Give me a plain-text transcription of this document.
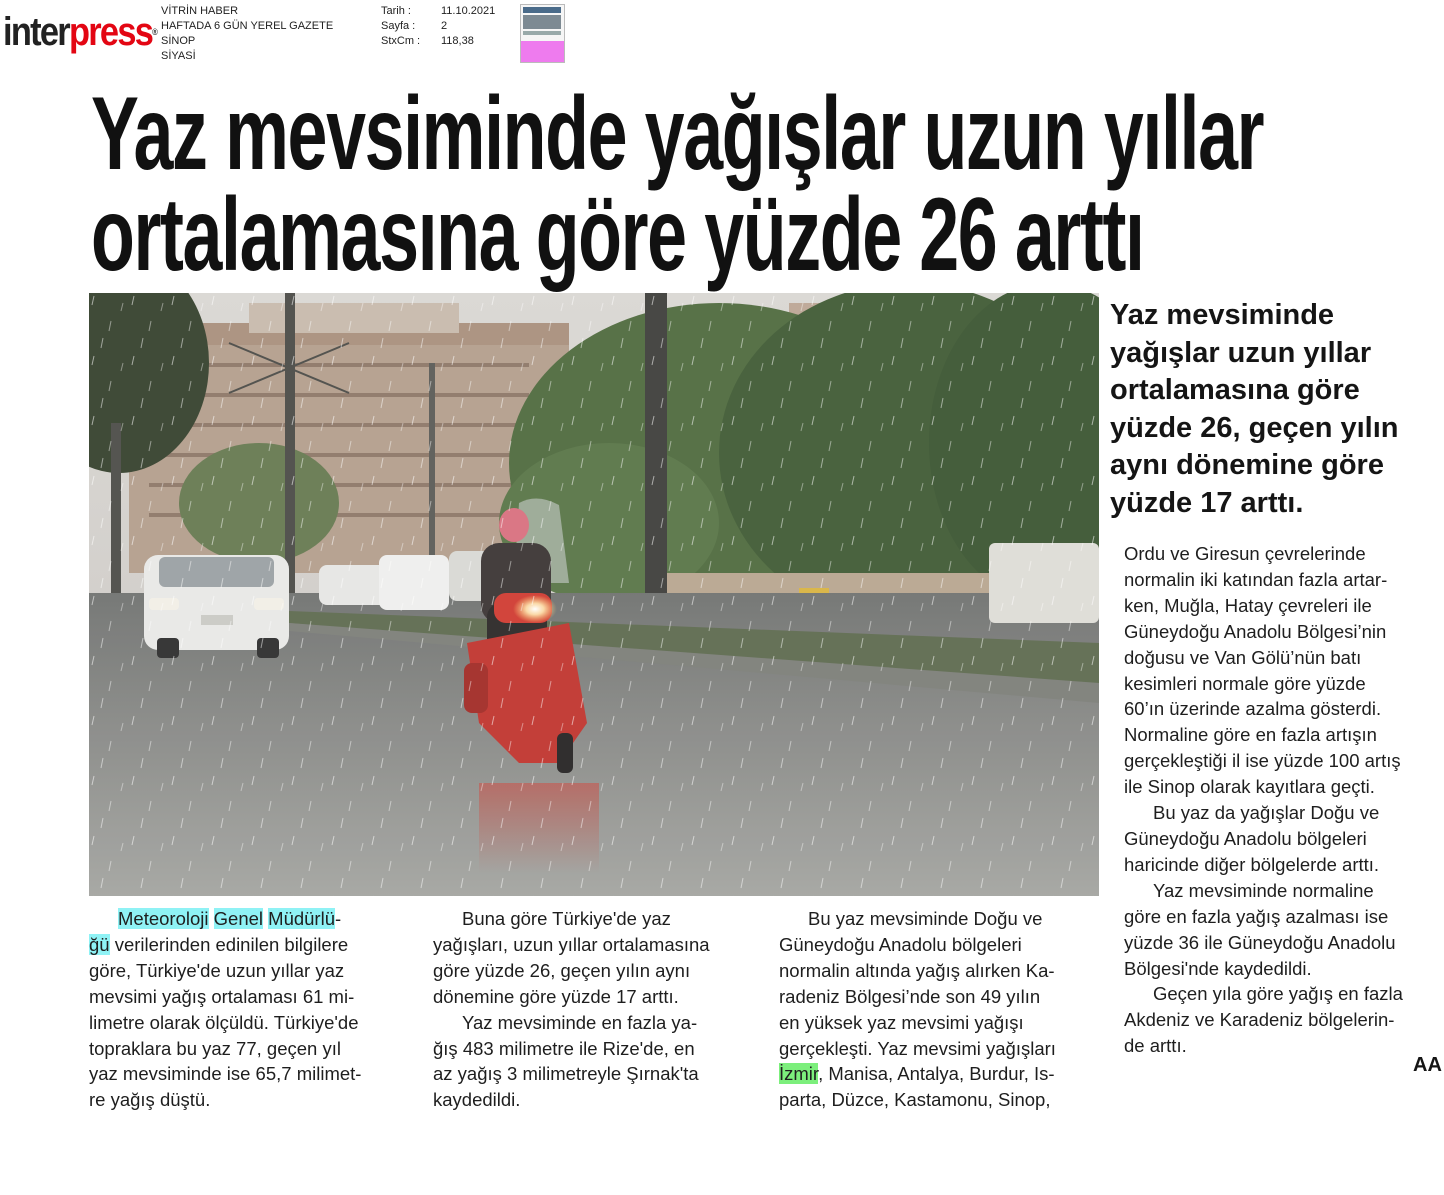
interpress®
VİTRİN HABER
HAFTADA 6 GÜN YEREL GAZETE
SİNOP
SİYASİ
Tarih :
Sayfa :
StxCm :
11.10.2021
2
118,38
Yaz mevsiminde yağışlar uzun yıllar
ortalamasına göre yüzde 26 arttı
Yaz mevsiminde
yağışlar uzun yıllar
ortalamasına göre
yüzde 26, geçen yılın
aynı dönemine göre
yüzde 17 arttı.
Meteoroloji Genel Müdürlü-
ğü verilerinden edinilen bilgilere
göre, Türkiye'de uzun yıllar yaz
mevsimi yağış ortalaması 61 mi-
limetre olarak ölçüldü. Türkiye'de
topraklara bu yaz 77, geçen yıl
yaz mevsiminde ise 65,7 milimet-
re yağış düştü.
Buna göre Türkiye'de yaz
yağışları, uzun yıllar ortalamasına
göre yüzde 26, geçen yılın aynı
dönemine göre yüzde 17 arttı.
Yaz mevsiminde en fazla ya-
ğış 483 milimetre ile Rize'de, en
az yağış 3 milimetreyle Şırnak'ta
kaydedildi.
Bu yaz mevsiminde Doğu ve
Güneydoğu Anadolu bölgeleri
normalin altında yağış alırken Ka-
radeniz Bölgesi’nde son 49 yılın
en yüksek yaz mevsimi yağışı
gerçekleşti. Yaz mevsimi yağışları
İzmir, Manisa, Antalya, Burdur, Is-
parta, Düzce, Kastamonu, Sinop,
Ordu ve Giresun çevrelerinde
normalin iki katından fazla artar-
ken, Muğla, Hatay çevreleri ile
Güneydoğu Anadolu Bölgesi’nin
doğusu ve Van Gölü’nün batı
kesimleri normale göre yüzde
60’ın üzerinde azalma gösterdi.
Normaline göre en fazla artışın
gerçekleştiği il ise yüzde 100 artış
ile Sinop olarak kayıtlara geçti.
Bu yaz da yağışlar Doğu ve
Güneydoğu Anadolu bölgeleri
haricinde diğer bölgelerde arttı.
Yaz mevsiminde normaline
göre en fazla yağış azalması ise
yüzde 36 ile Güneydoğu Anadolu
Bölgesi'nde kaydedildi.
Geçen yıla göre yağış en fazla
Akdeniz ve Karadeniz bölgelerin-
de arttı.
AA
